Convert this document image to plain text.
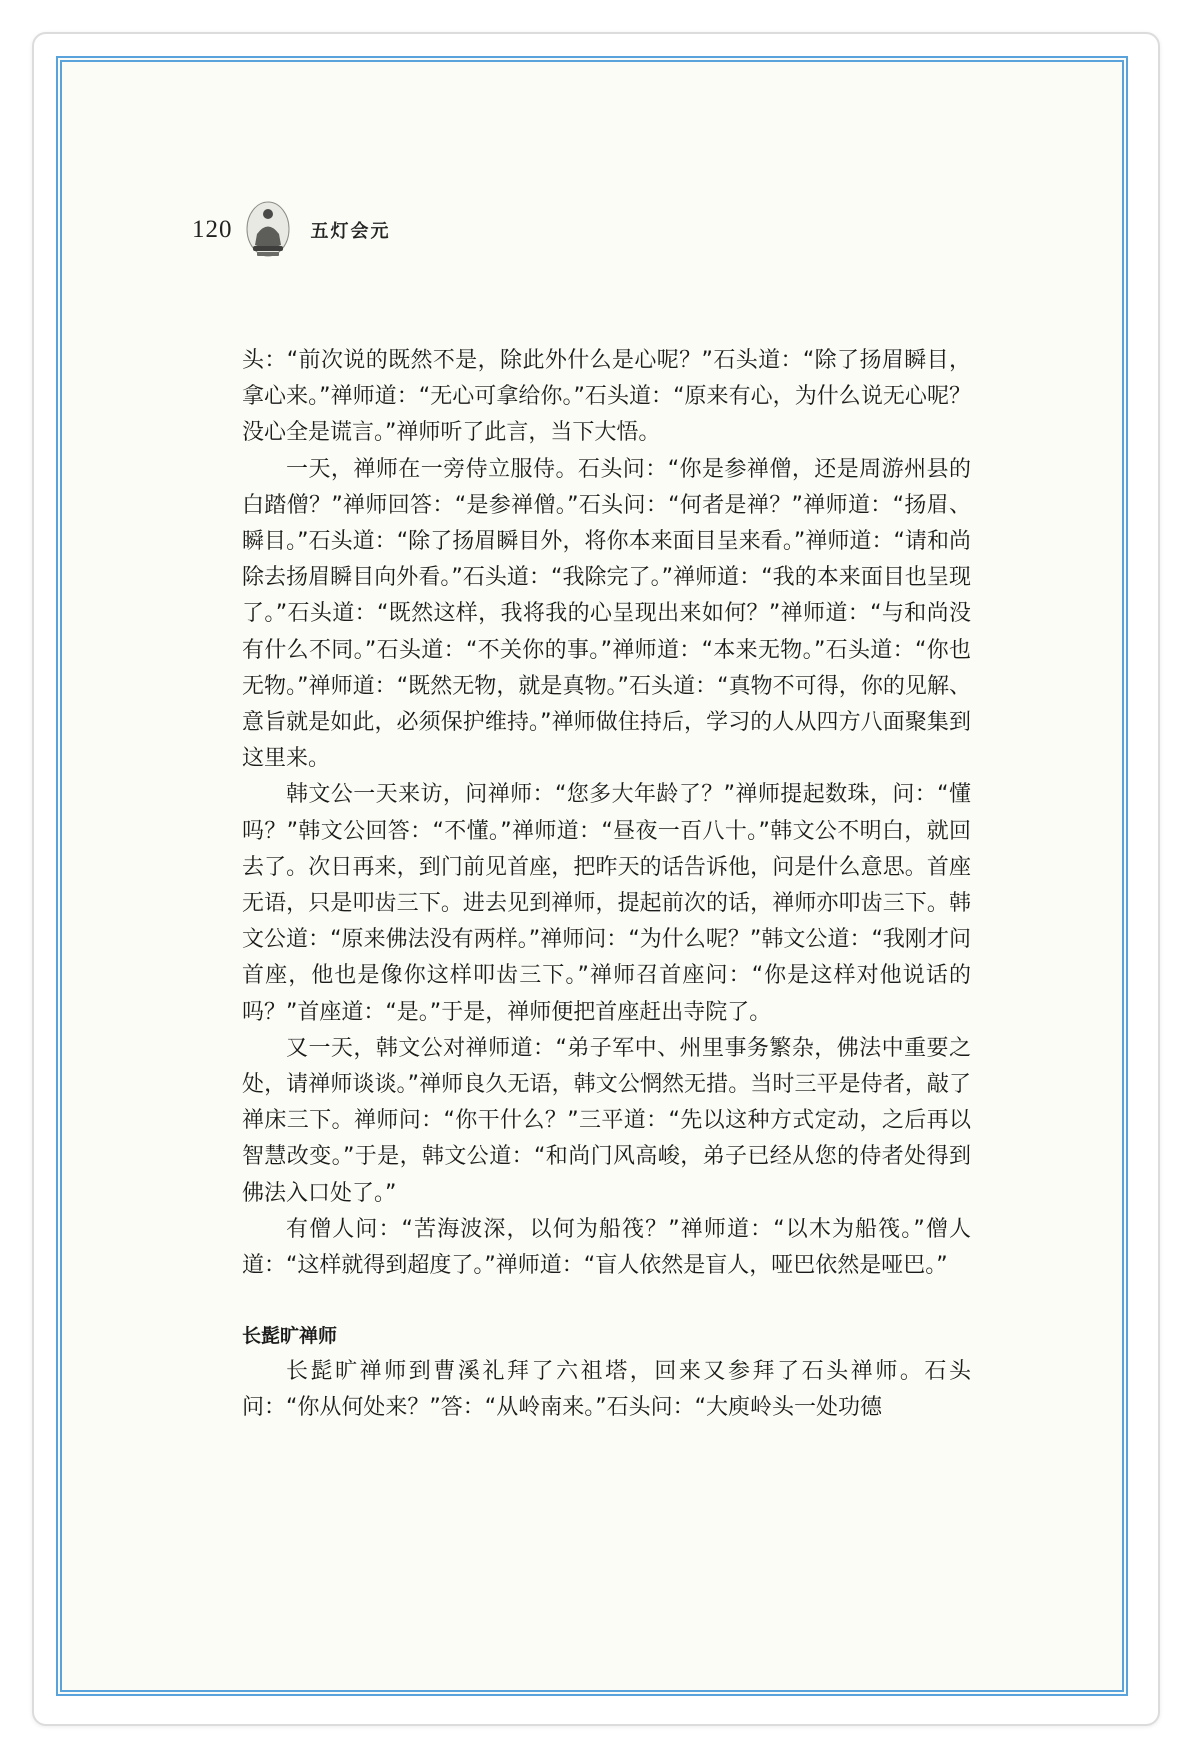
120	五灯会元

头：“前次说的既然不是，除此外什么是心呢？”石头道：“除了扬眉瞬目，拿心来。”禅师道：“无心可拿给你。”石头道：“原来有心，为什么说无心呢？没心全是谎言。”禅师听了此言，当下大悟。

一天，禅师在一旁侍立服侍。石头问：“你是参禅僧，还是周游州县的白踏僧？”禅师回答：“是参禅僧。”石头问：“何者是禅？”禅师道：“扬眉、瞬目。”石头道：“除了扬眉瞬目外，将你本来面目呈来看。”禅师道：“请和尚除去扬眉瞬目向外看。”石头道：“我除完了。”禅师道：“我的本来面目也呈现了。”石头道：“既然这样，我将我的心呈现出来如何？”禅师道：“与和尚没有什么不同。”石头道：“不关你的事。”禅师道：“本来无物。”石头道：“你也无物。”禅师道：“既然无物，就是真物。”石头道：“真物不可得，你的见解、意旨就是如此，必须保护维持。”禅师做住持后，学习的人从四方八面聚集到这里来。

韩文公一天来访，问禅师：“您多大年龄了？”禅师提起数珠，问：“懂吗？”韩文公回答：“不懂。”禅师道：“昼夜一百八十。”韩文公不明白，就回去了。次日再来，到门前见首座，把昨天的话告诉他，问是什么意思。首座无语，只是叩齿三下。进去见到禅师，提起前次的话，禅师亦叩齿三下。韩文公道：“原来佛法没有两样。”禅师问：“为什么呢？”韩文公道：“我刚才问首座，他也是像你这样叩齿三下。”禅师召首座问：“你是这样对他说话的吗？”首座道：“是。”于是，禅师便把首座赶出寺院了。

又一天，韩文公对禅师道：“弟子军中、州里事务繁杂，佛法中重要之处，请禅师谈谈。”禅师良久无语，韩文公惘然无措。当时三平是侍者，敲了禅床三下。禅师问：“你干什么？”三平道：“先以这种方式定动，之后再以智慧改变。”于是，韩文公道：“和尚门风高峻，弟子已经从您的侍者处得到佛法入口处了。”

有僧人问：“苦海波深，以何为船筏？”禅师道：“以木为船筏。”僧人道：“这样就得到超度了。”禅师道：“盲人依然是盲人，哑巴依然是哑巴。”

长髭旷禅师

长髭旷禅师到曹溪礼拜了六祖塔，回来又参拜了石头禅师。石头问：“你从何处来？”答：“从岭南来。”石头问：“大庾岭头一处功德
